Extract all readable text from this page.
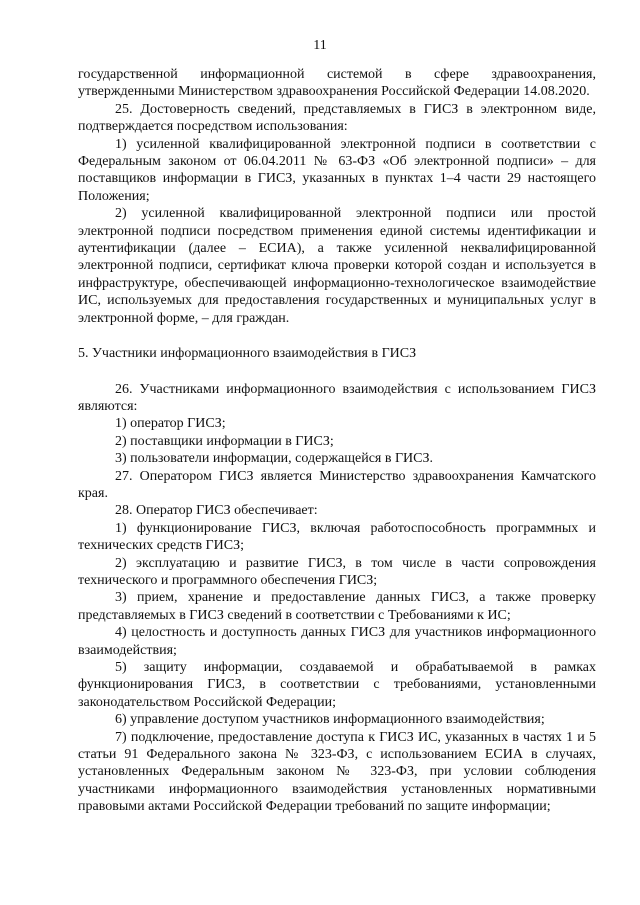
11

государственной информационной системой в сфере здравоохранения, утвержденными Министерством здравоохранения Российской Федерации 14.08.2020.

25. Достоверность сведений, представляемых в ГИСЗ в электронном виде, подтверждается посредством использования:

1) усиленной квалифицированной электронной подписи в соответствии с Федеральным законом от 06.04.2011 № 63-ФЗ «Об электронной подписи» – для поставщиков информации в ГИСЗ, указанных в пунктах 1–4 части 29 настоящего Положения;

2) усиленной квалифицированной электронной подписи или простой электронной подписи посредством применения единой системы идентификации и аутентификации (далее – ЕСИА), а также усиленной неквалифицированной электронной подписи, сертификат ключа проверки которой создан и используется в инфраструктуре, обеспечивающей информационно-технологическое взаимодействие ИС, используемых для предоставления государственных и муниципальных услуг в электронной форме, – для граждан.

5. Участники информационного взаимодействия в ГИСЗ

26. Участниками информационного взаимодействия с использованием ГИСЗ являются:

1) оператор ГИСЗ;

2) поставщики информации в ГИСЗ;

3) пользователи информации, содержащейся в ГИСЗ.

27. Оператором ГИСЗ является Министерство здравоохранения Камчатского края.

28. Оператор ГИСЗ обеспечивает:

1) функционирование ГИСЗ, включая работоспособность программных и технических средств ГИСЗ;

2) эксплуатацию и развитие ГИСЗ, в том числе в части сопровождения технического и программного обеспечения ГИСЗ;

3) прием, хранение и предоставление данных ГИСЗ, а также проверку представляемых в ГИСЗ сведений в соответствии с Требованиями к ИС;

4) целостность и доступность данных ГИСЗ для участников информационного взаимодействия;

5) защиту информации, создаваемой и обрабатываемой в рамках функционирования ГИСЗ, в соответствии с требованиями, установленными законодательством Российской Федерации;

6) управление доступом участников информационного взаимодействия;

7) подключение, предоставление доступа к ГИСЗ ИС, указанных в частях 1 и 5 статьи 91 Федерального закона № 323-ФЗ, с использованием ЕСИА в случаях, установленных Федеральным законом № 323-ФЗ, при условии соблюдения участниками информационного взаимодействия установленных нормативными правовыми актами Российской Федерации требований по защите информации;
